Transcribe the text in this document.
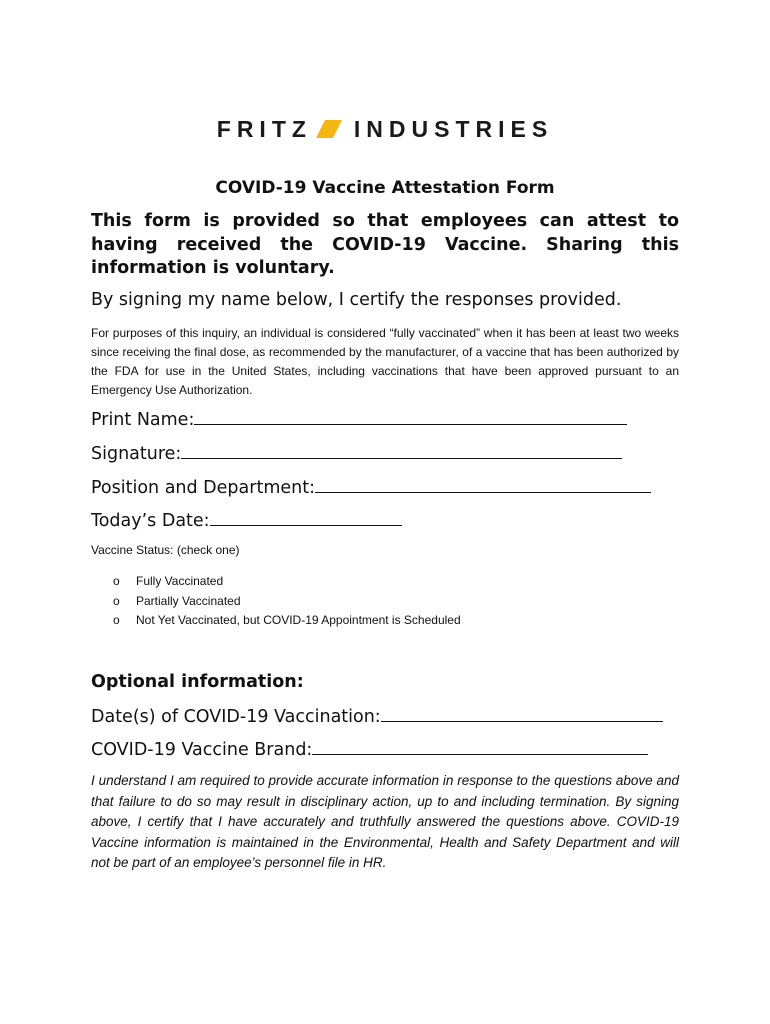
FRITZ INDUSTRIES
COVID-19 Vaccine Attestation Form
This form is provided so that employees can attest to having received the COVID-19 Vaccine. Sharing this information is voluntary.
By signing my name below, I certify the responses provided.
For purposes of this inquiry, an individual is considered “fully vaccinated” when it has been at least two weeks since receiving the final dose, as recommended by the manufacturer, of a vaccine that has been authorized by the FDA for use in the United States, including vaccinations that have been approved pursuant to an Emergency Use Authorization.
Print Name:
Signature:
Position and Department:
Today’s Date:
Vaccine Status: (check one)
o Fully Vaccinated
o Partially Vaccinated
o Not Yet Vaccinated, but COVID-19 Appointment is Scheduled
Optional information:
Date(s) of COVID-19 Vaccination:
COVID-19 Vaccine Brand:
I understand I am required to provide accurate information in response to the questions above and that failure to do so may result in disciplinary action, up to and including termination. By signing above, I certify that I have accurately and truthfully answered the questions above. COVID-19 Vaccine information is maintained in the Environmental, Health and Safety Department and will not be part of an employee’s personnel file in HR.
